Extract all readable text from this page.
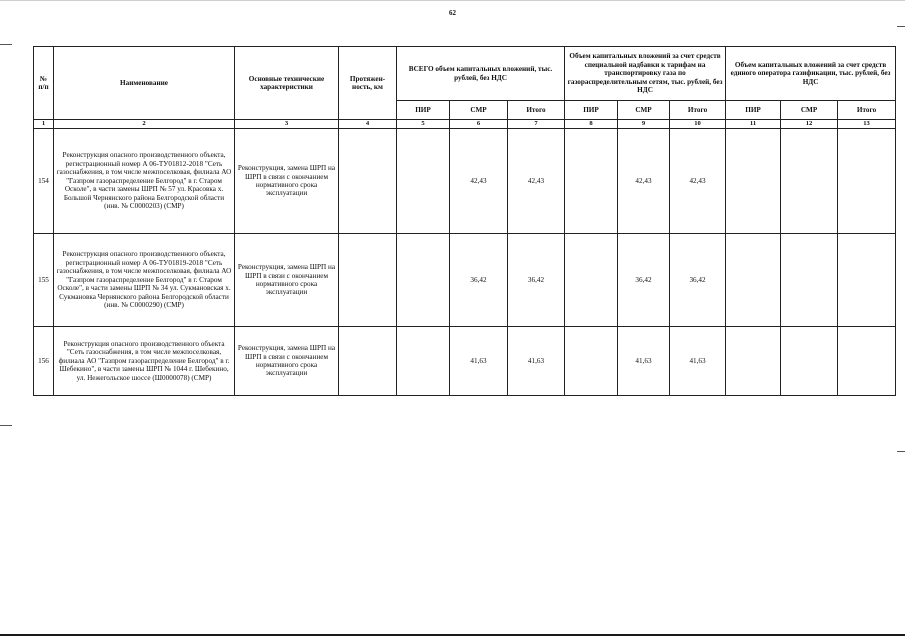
62
№ п/п	Наименование	Основные технические характеристики	Протяжен-ность, км	ВСЕГО объем капитальных вложений, тыс. рублей, без НДС			Объем капитальных вложений за счет средств специальной надбавки к тарифам на транспортировку газа по газораспределительным сетям, тыс. рублей, без НДС			Объем капитальных вложений за счет средств единого оператора газификации, тыс. рублей, без НДС		
				ПИР	СМР	Итого	ПИР	СМР	Итого	ПИР	СМР	Итого
1	2	3	4	5	6	7	8	9	10	11	12	13
154	Реконструкция опасного производственного объекта, регистрационный номер А 06-ТУ01812-2018 "Сеть газоснабжения, в том числе межпоселковая, филиала АО "Газпром газораспределение Белгород" в г. Старом Осколе", в части замены ШРП № 57 ул. Красовка х. Большой Чернянского района Белгородской области (инв. № С0000203) (СМР)	Реконструкция, замена ШРП на ШРП в связи с окончанием нормативного срока эксплуатации			42,43	42,43		42,43	42,43			
155	Реконструкция опасного производственного объекта, регистрационный номер А 06-ТУ01819-2018 "Сеть газоснабжения, в том числе межпоселковая, филиала АО "Газпром газораспределение Белгород" в г. Старом Осколе", в части замены ШРП № 34 ул. Сукмановская х. Сукмановка Чернянского района Белгородской области (инв. № С0000290) (СМР)	Реконструкция, замена ШРП на ШРП в связи с окончанием нормативного срока эксплуатации			36,42	36,42		36,42	36,42			
156	Реконструкция опасного производственного объекта "Сеть газоснабжения, в том числе межпоселковая, филиала АО "Газпром газораспределение Белгород" в г. Шебекино", в части замены ШРП № 1044 г. Шебекино, ул. Нежегольское шоссе (Ш0000078) (СМР)	Реконструкция, замена ШРП на ШРП в связи с окончанием нормативного срока эксплуатации			41,63	41,63		41,63	41,63			
